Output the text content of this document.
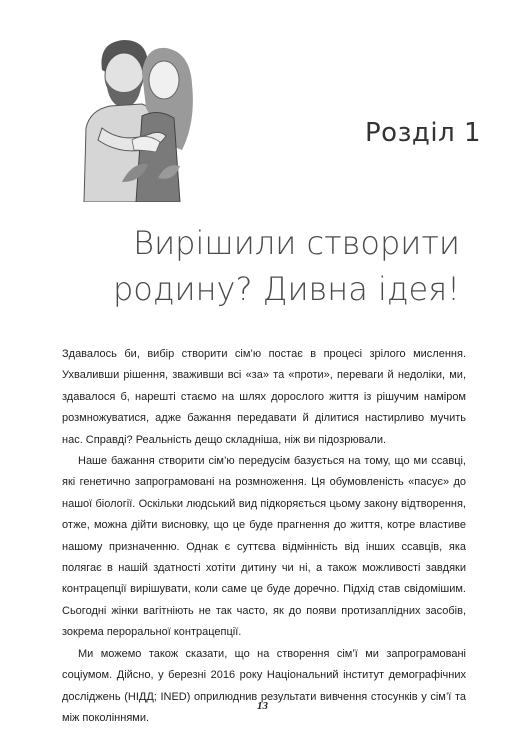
Розділ 1
Вирішили створити
родину? Дивна ідея!

Здавалось би, вибір створити сім’ю постає в процесі зрілого мислення. Ухваливши рішення, зваживши всі «за» та «проти», переваги й недоліки, ми, здавалося б, нарешті стаємо на шлях дорослого життя із рішучим наміром розмножуватися, адже бажання передавати й ділитися настирливо мучить нас. Справді? Реальність дещо складніша, ніж ви підозрювали.

Наше бажання створити сім’ю передусім базується на тому, що ми ссавці, які генетично запрограмовані на розмноження. Ця обумовленість «пасує» до нашої біології. Оскільки людський вид підкоряється цьому закону відтворення, отже, можна дійти висновку, що це буде прагнення до життя, котре властиве нашому призначенню. Однак є суттєва відмінність від інших ссавців, яка полягає в нашій здатності хотіти дитину чи ні, а також можливості завдяки контрацепції вирішувати, коли саме це буде доречно. Підхід став свідомішим. Сьогодні жінки вагітніють не так часто, як до появи протизаплідних засобів, зокрема пероральної контрацепції.

Ми можемо також сказати, що на створення сім’ї ми запрограмовані соціумом. Дійсно, у березні 2016 року Національний інститут демографічних досліджень (НІДД; INED) оприлюднив результати вивчення стосунків у сім’ї та між поколіннями.

13
